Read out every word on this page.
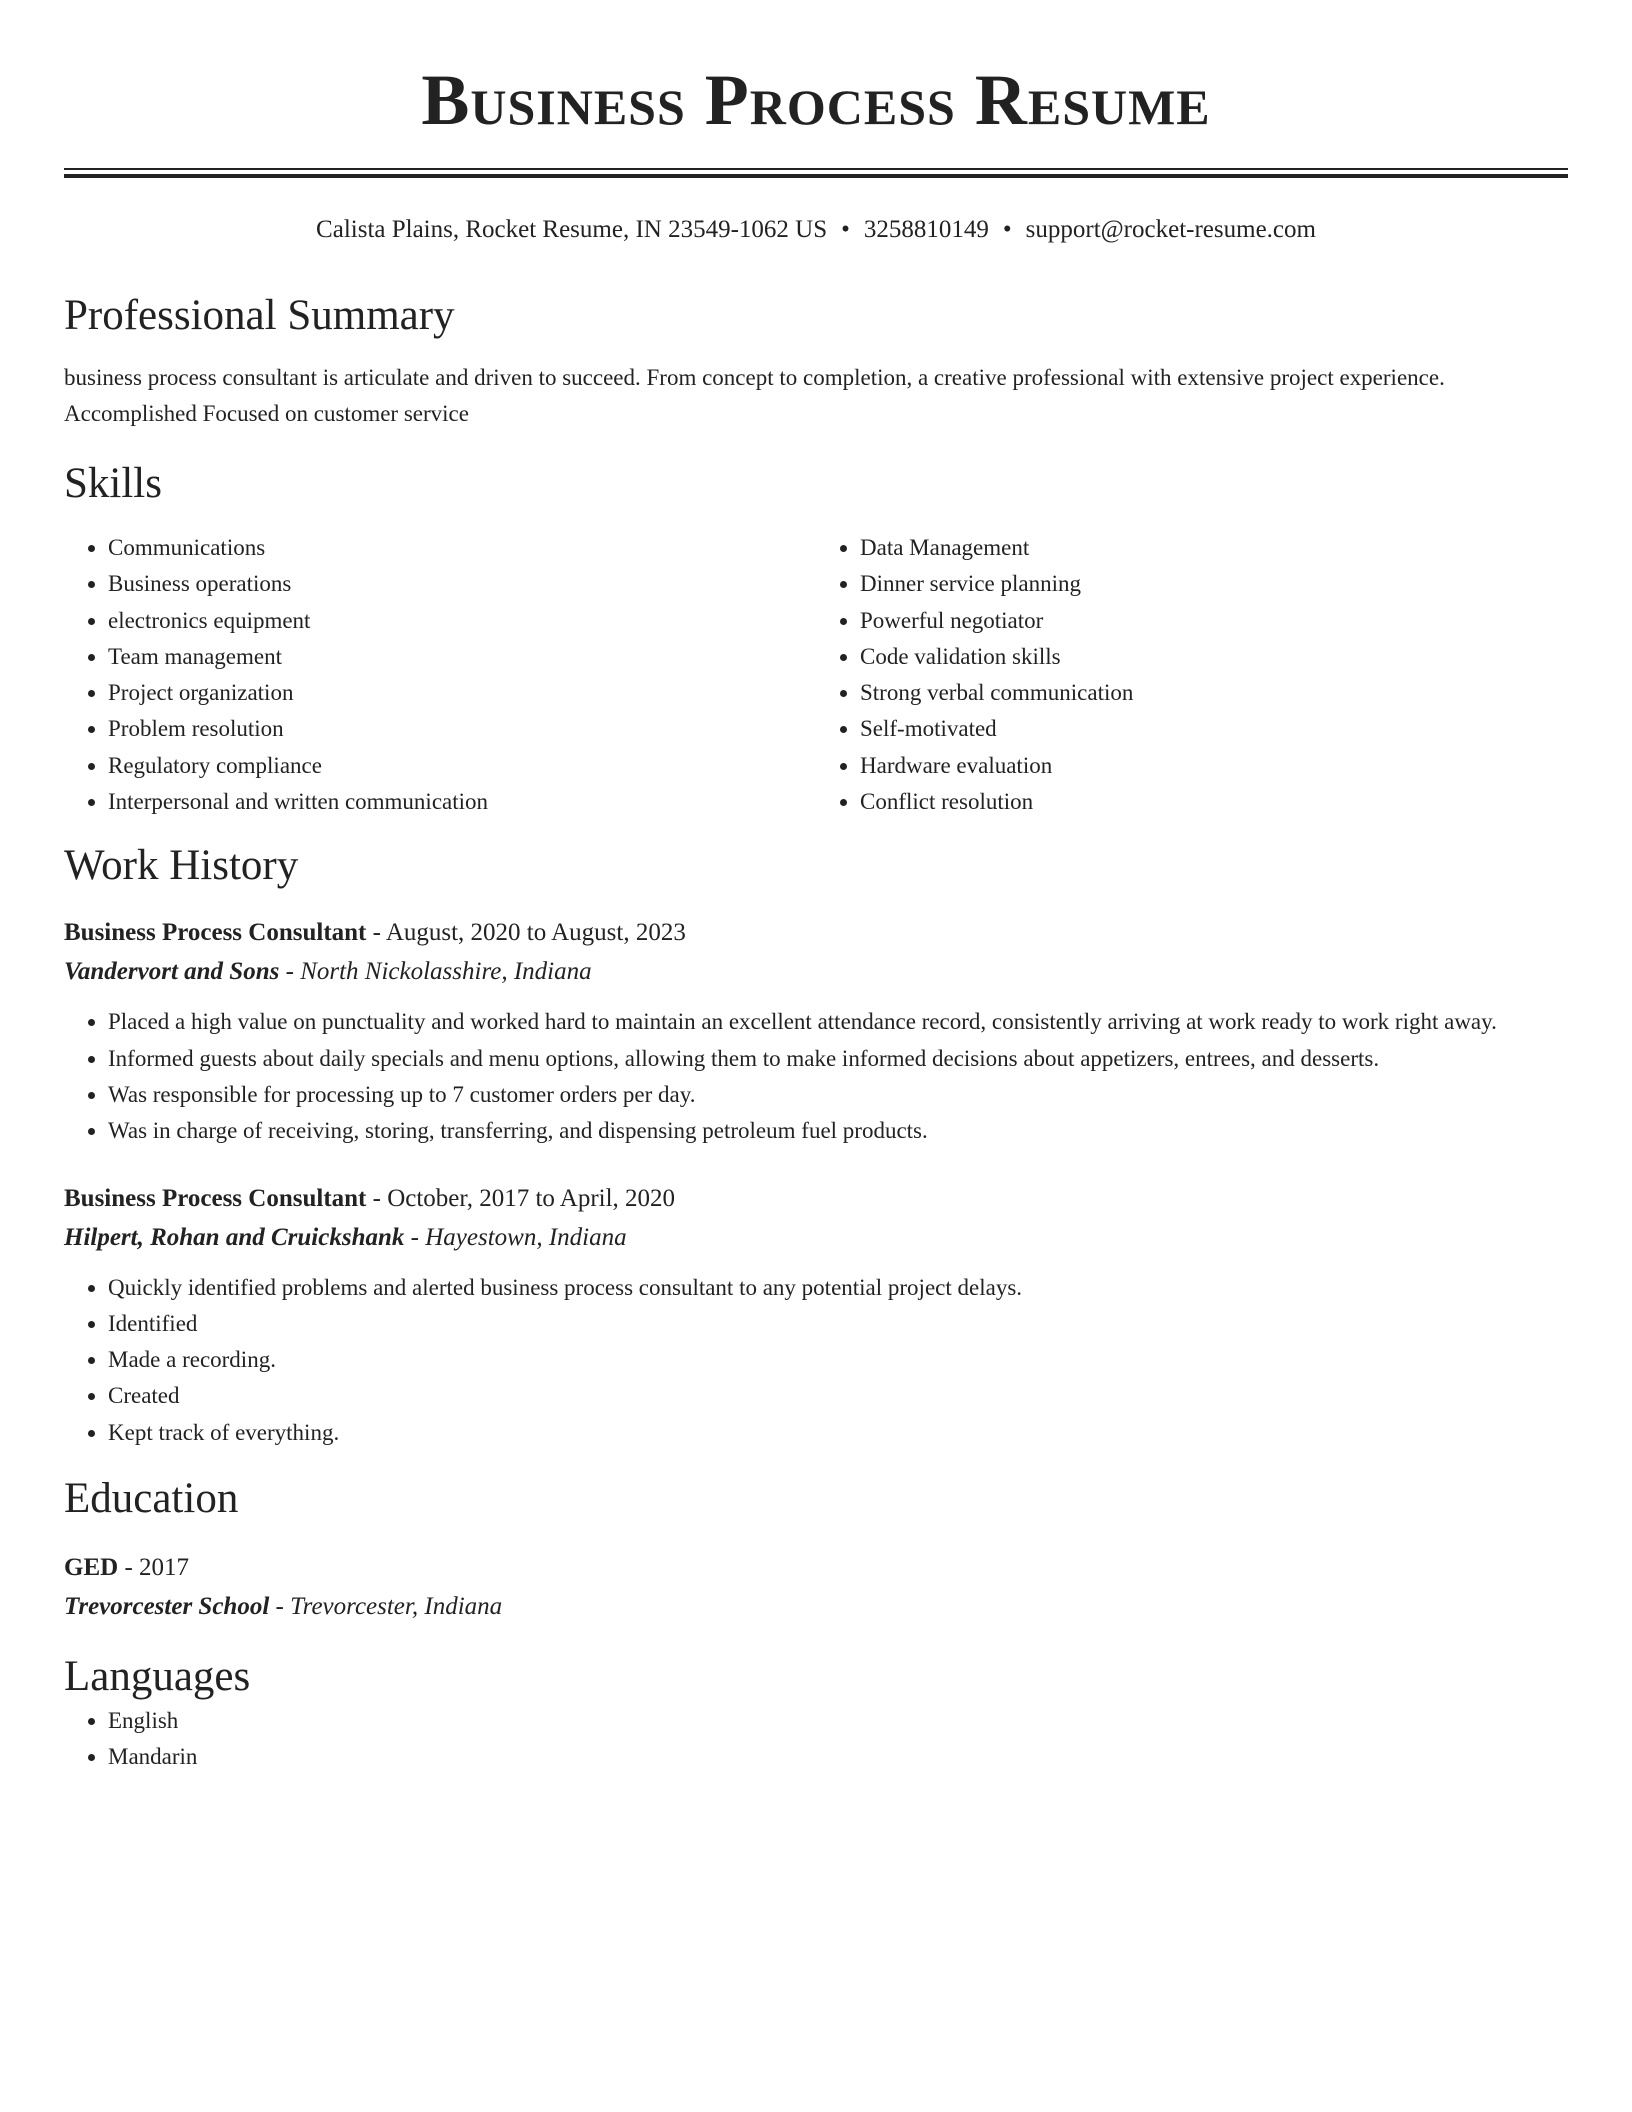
Business Process Resume
Calista Plains, Rocket Resume, IN 23549-1062 US • 3258810149 • support@rocket-resume.com
Professional Summary

business process consultant is articulate and driven to succeed. From concept to completion, a creative professional with extensive project experience. Accomplished Focused on customer service

Skills
• Communications
• Business operations
• electronics equipment
• Team management
• Project organization
• Problem resolution
• Regulatory compliance
• Interpersonal and written communication
• Data Management
• Dinner service planning
• Powerful negotiator
• Code validation skills
• Strong verbal communication
• Self-motivated
• Hardware evaluation
• Conflict resolution
Work History
Business Process Consultant - August, 2020 to August, 2023
Vandervort and Sons - North Nickolasshire, Indiana
• Placed a high value on punctuality and worked hard to maintain an excellent attendance record, consistently arriving at work ready to work right away.
• Informed guests about daily specials and menu options, allowing them to make informed decisions about appetizers, entrees, and desserts.
• Was responsible for processing up to 7 customer orders per day.
• Was in charge of receiving, storing, transferring, and dispensing petroleum fuel products.
Business Process Consultant - October, 2017 to April, 2020
Hilpert, Rohan and Cruickshank - Hayestown, Indiana
• Quickly identified problems and alerted business process consultant to any potential project delays.
• Identified
• Made a recording.
• Created
• Kept track of everything.
Education
GED - 2017
Trevorcester School - Trevorcester, Indiana
Languages
• English
• Mandarin
